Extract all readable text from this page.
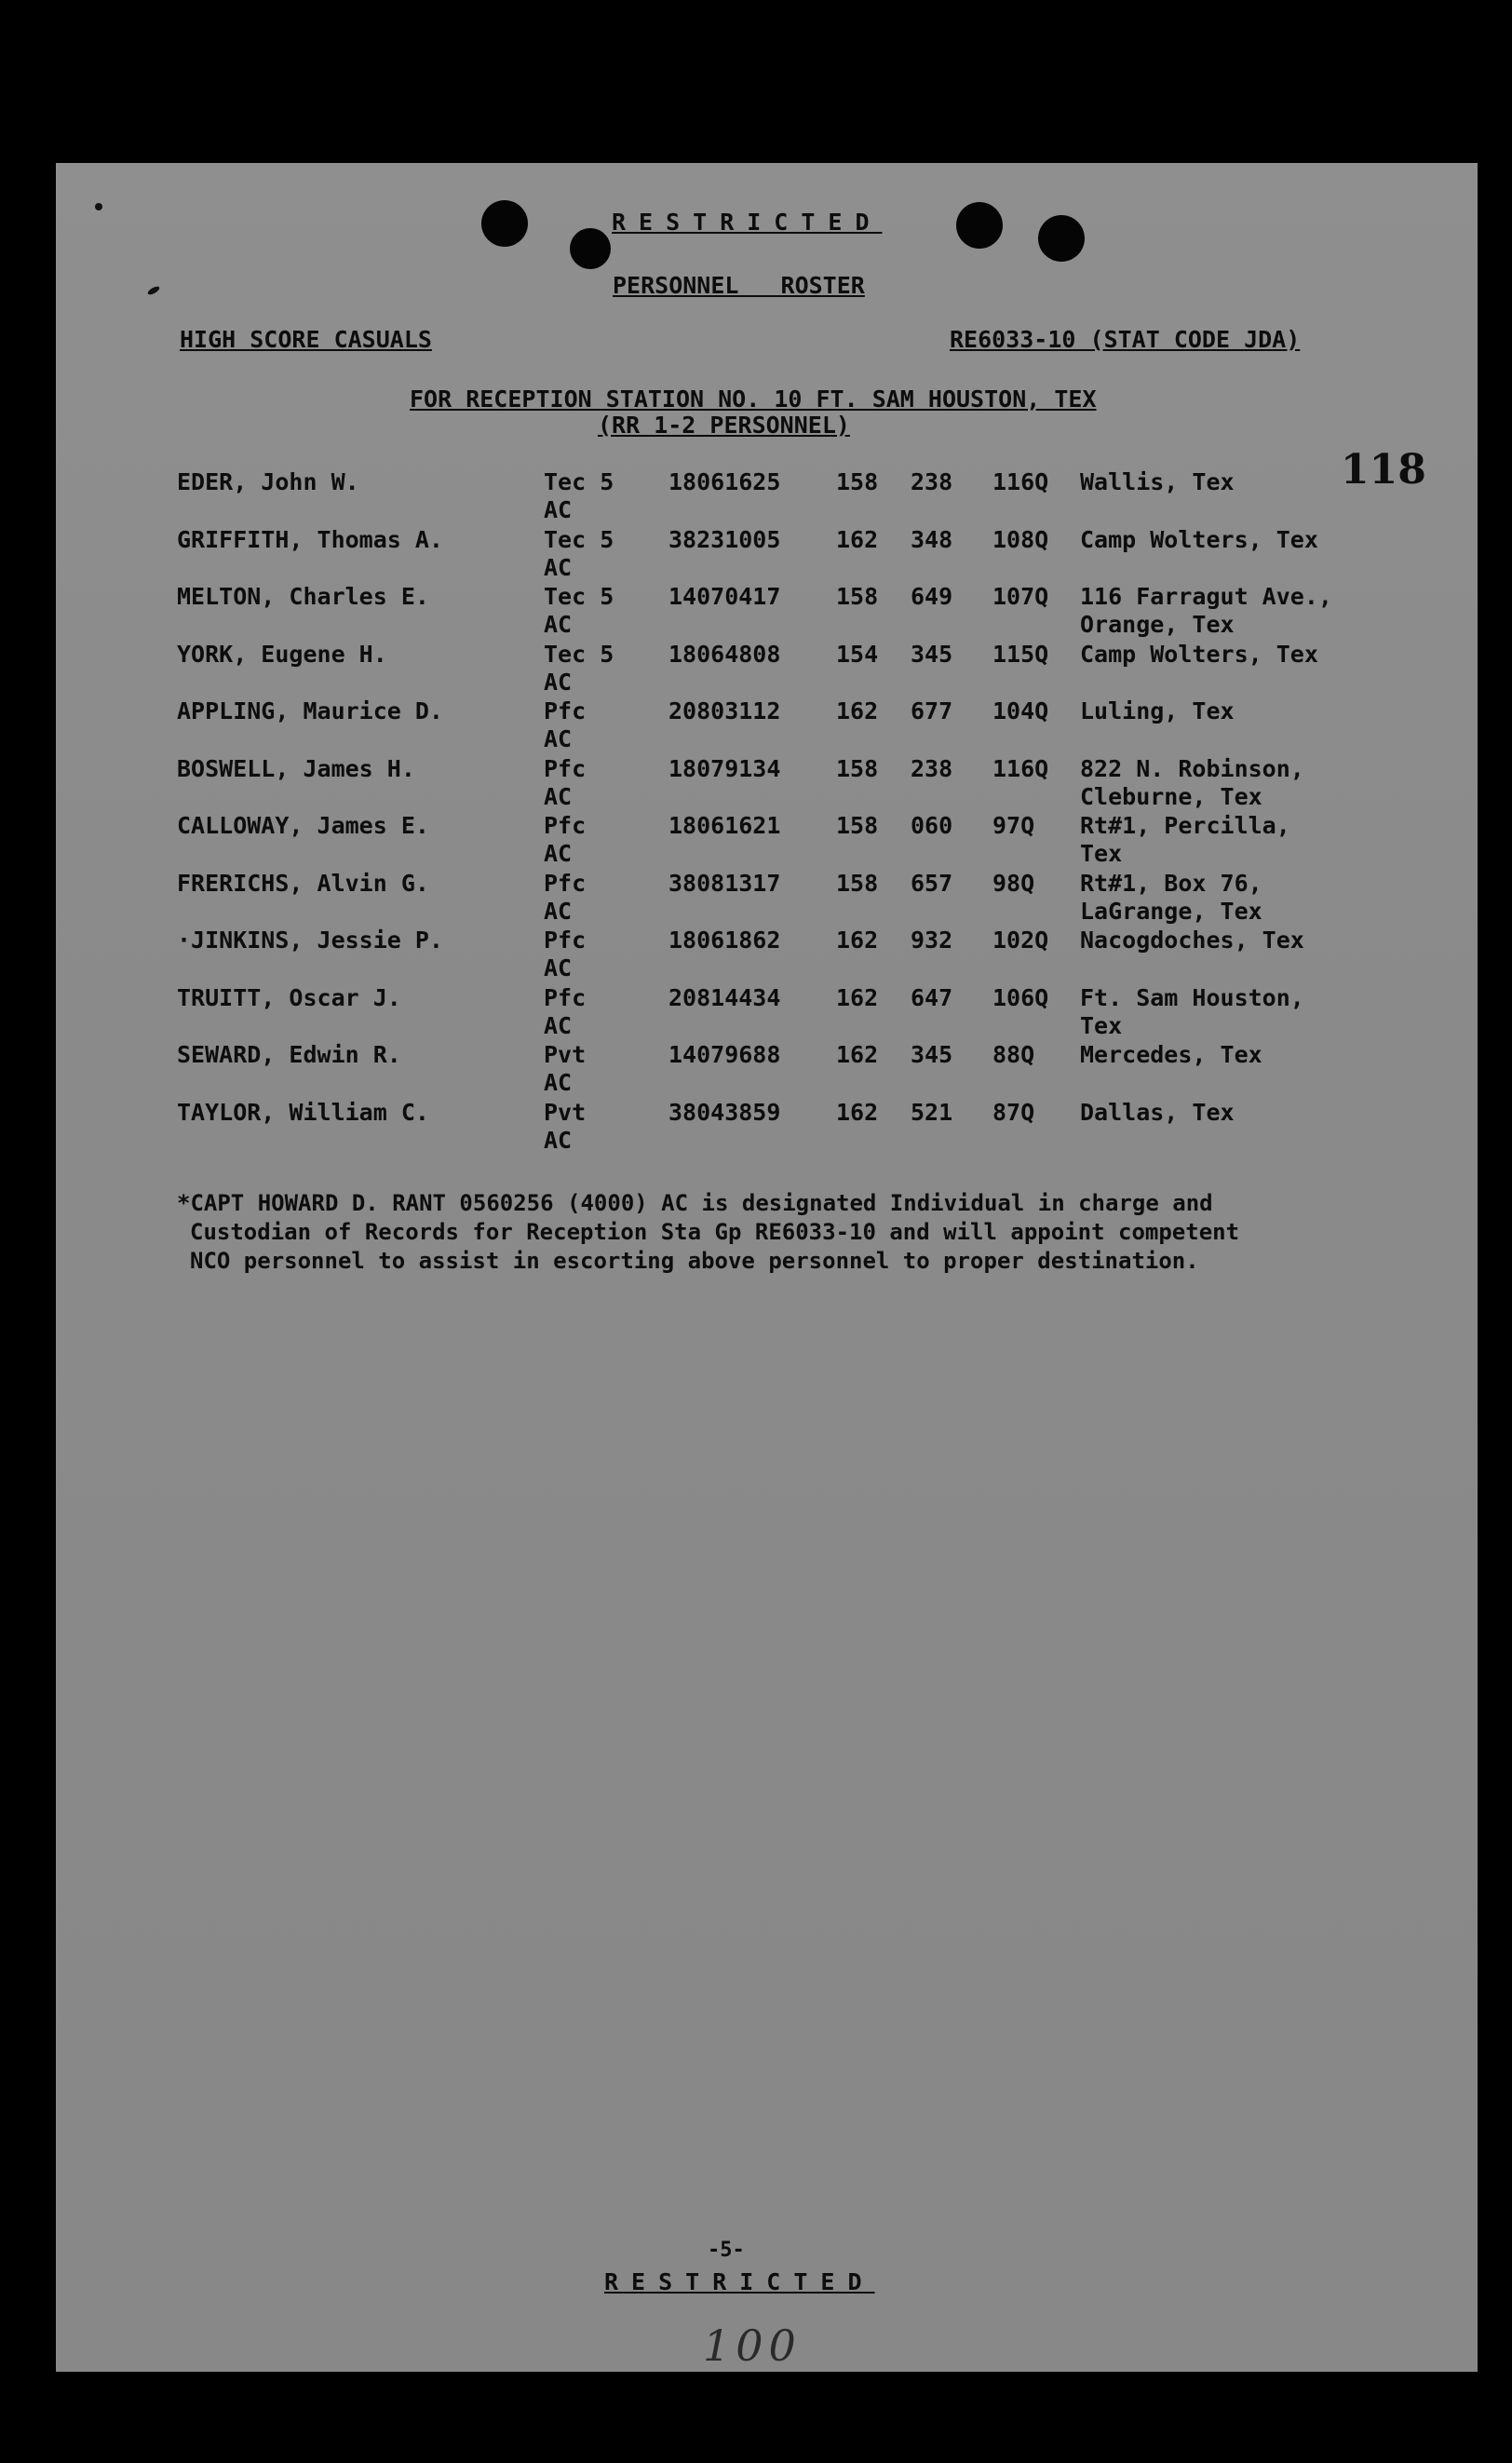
RESTRICTED
PERSONNEL ROSTER
HIGH SCORE CASUALS	RE6033-10 (STAT CODE JDA)
FOR RECEPTION STATION NO. 10 FT. SAM HOUSTON, TEX
(RR 1-2 PERSONNEL)
118
EDER, John W.	Tec 5 18061625 158 238 116Q Wallis, Tex
AC
GRIFFITH, Thomas A.	Tec 5 38231005 162 348 108Q Camp Wolters, Tex
AC
MELTON, Charles E.	Tec 5 14070417 158 649 107Q 116 Farragut Ave.,
AC	Orange, Tex
YORK, Eugene H.	Tec 5 18064808 154 345 115Q Camp Wolters, Tex
AC
APPLING, Maurice D.	Pfc	20803112 162 677 104Q Luling, Tex
AC
BOSWELL, James H.	Pfc	18079134 158 238 116Q 822 N. Robinson,
AC	Cleburne, Tex
CALLOWAY, James E.	Pfc	18061621 158 060 97Q Rt#1, Percilla,
AC	Tex
FRERICHS, Alvin G.	Pfc	38081317 158 657 98Q Rt#1, Box 76,
AC	LaGrange, Tex
·JINKINS, Jessie P.	Pfc	18061862 162 932 102Q Nacogdoches, Tex
AC
TRUITT, Oscar J.	Pfc	20814434 162 647 106Q Ft. Sam Houston,
AC	Tex
SEWARD, Edwin R.	Pvt	14079688 162 345 88Q Mercedes, Tex
AC
TAYLOR, William C.	Pvt	38043859 162 521 87Q Dallas, Tex
AC
*CAPT HOWARD D. RANT 0560256 (4000) AC is designated Individual in charge and
Custodian of Records for Reception Sta Gp RE6033-10 and will appoint competent
NCO personnel to assist in escorting above personnel to proper destination.
-5-
RESTRICTED
100
